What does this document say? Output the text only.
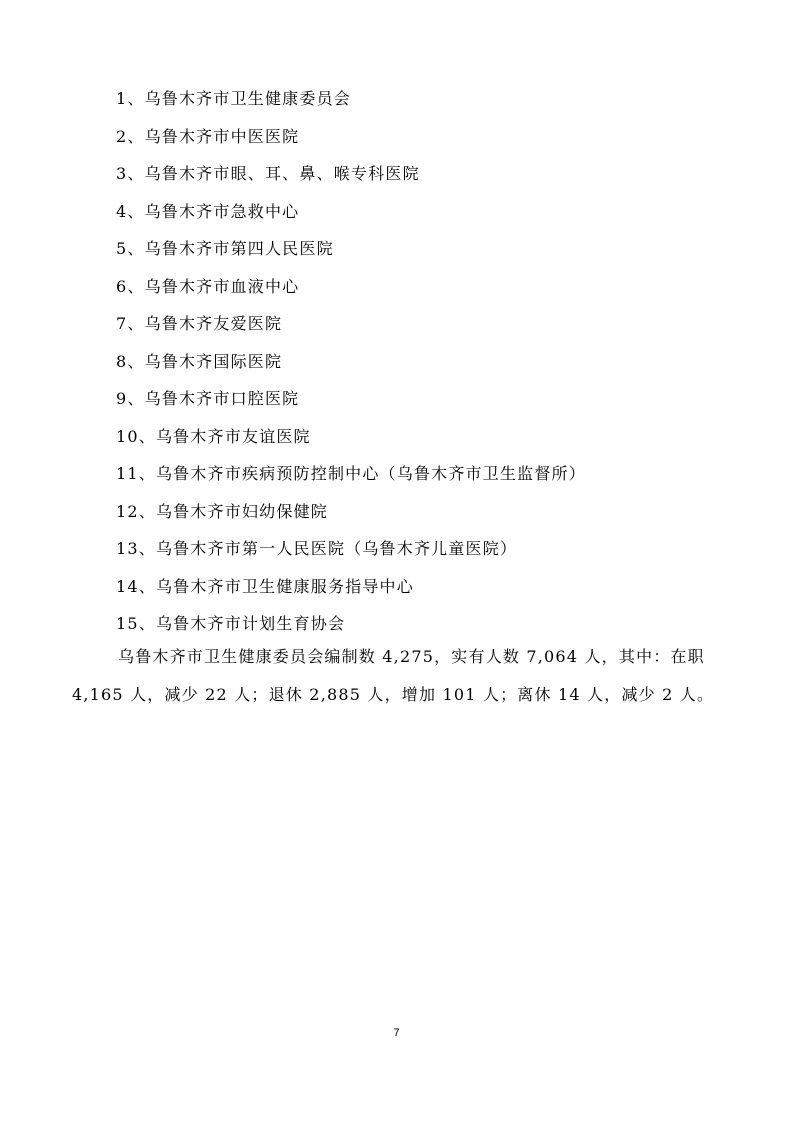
1、乌鲁木齐市卫生健康委员会
2、乌鲁木齐市中医医院
3、乌鲁木齐市眼、耳、鼻、喉专科医院
4、乌鲁木齐市急救中心
5、乌鲁木齐市第四人民医院
6、乌鲁木齐市血液中心
7、乌鲁木齐友爱医院
8、乌鲁木齐国际医院
9、乌鲁木齐市口腔医院
10、乌鲁木齐市友谊医院
11、乌鲁木齐市疾病预防控制中心（乌鲁木齐市卫生监督所）
12、乌鲁木齐市妇幼保健院
13、乌鲁木齐市第一人民医院（乌鲁木齐儿童医院）
14、乌鲁木齐市卫生健康服务指导中心
15、乌鲁木齐市计划生育协会

乌鲁木齐市卫生健康委员会编制数 4,275，实有人数 7,064 人，其中：在职
4,165 人，减少 22 人；退休 2,885 人，增加 101 人；离休 14 人，减少 2 人。

7
